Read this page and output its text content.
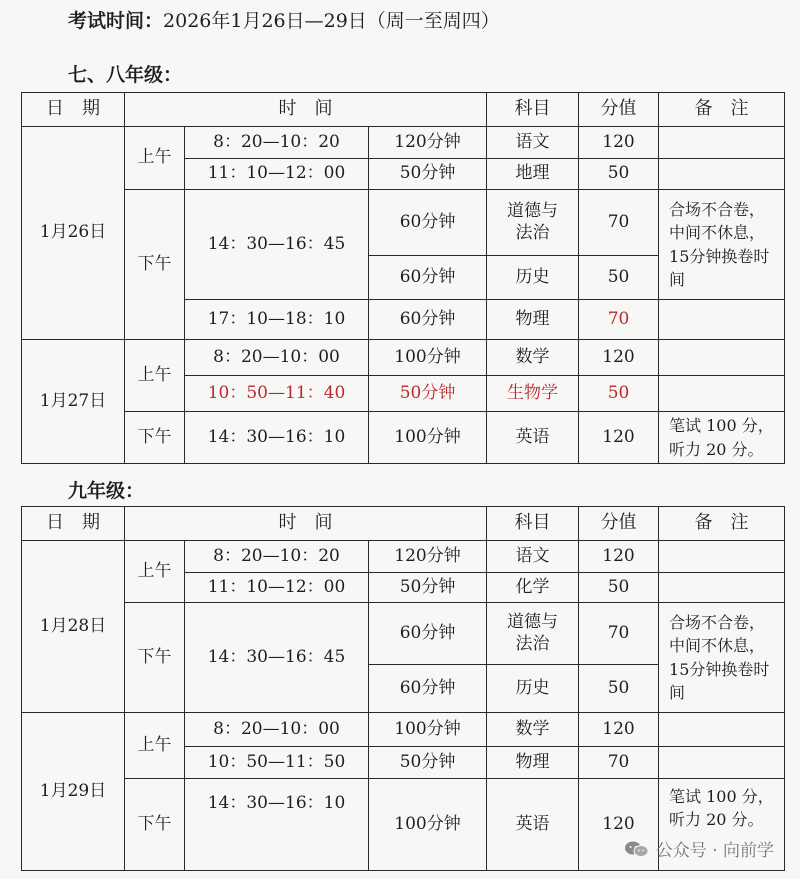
考试时间：2026年1月26日—29日（周一至周四）
七、八年级：
日　期	时　间			科目	分值	备　注
1月26日	上午	8：20—10：20	120分钟	语文	120	
		11：10—12：00	50分钟	地理	50	
	下午	14：30—16：45	60分钟	道德与法治	70	合场不合卷，中间不休息，15分钟换卷时间
			60分钟	历史	50	
		17：10—18：10	60分钟	物理	70	
1月27日	上午	8：20—10：00	100分钟	数学	120	
		10：50—11：40	50分钟	生物学	50	
	下午	14：30—16：10	100分钟	英语	120	笔试 100 分，听力 20 分。
九年级：
日　期	时　间			科目	分值	备　注
1月28日	上午	8：20—10：20	120分钟	语文	120	
		11：10—12：00	50分钟	化学	50	
	下午	14：30—16：45	60分钟	道德与法治	70	合场不合卷，中间不休息，15分钟换卷时间
			60分钟	历史	50	
1月29日	上午	8：20—10：00	100分钟	数学	120	
		10：50—11：50	50分钟	物理	70	
	下午	14：30—16：10	100分钟	英语	120	笔试 100 分，听力 20 分。
公众号 · 向前学
